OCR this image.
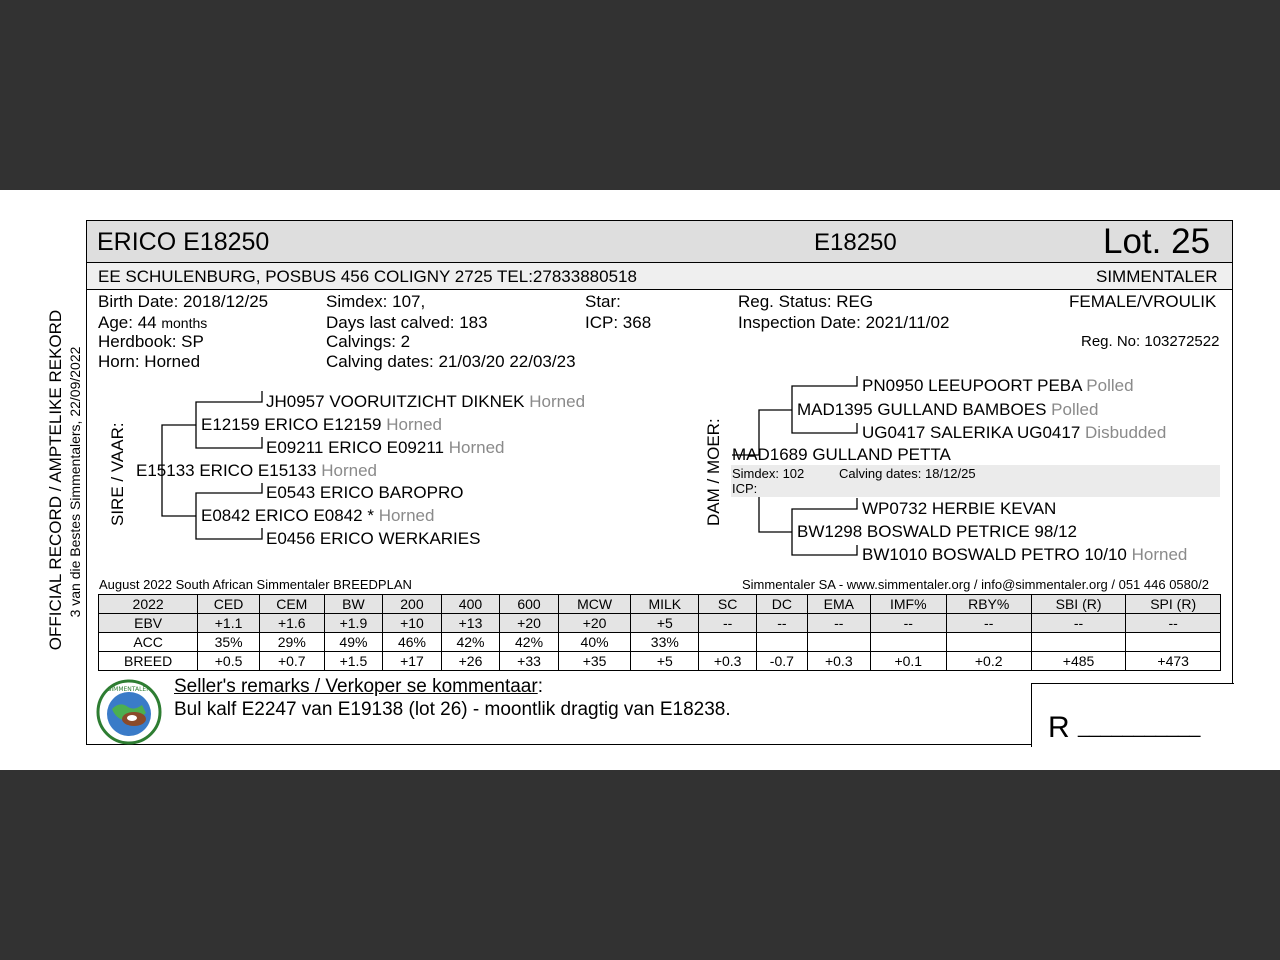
OFFICIAL RECORD / AMPTELIKE REKORD 3 van die Bestes Simmentalers, 22/09/2022
ERICO E18250	E18250	Lot. 25
EE SCHULENBURG, POSBUS 456 COLIGNY 2725 TEL:27833880518	SIMMENTALER
Birth Date: 2018/12/25
Age: 44 months
Herdbook: SP
Horn: Horned
Simdex: 107,
Days last calved: 183
Calvings: 2
Calving dates: 21/03/20 22/03/23
Star:
ICP: 368
Reg. Status: REG
Inspection Date: 2021/11/02
FEMALE/VROULIK
Reg. No: 103272522
SIRE / VAAR:
JH0957 VOORUITZICHT DIKNEK Horned
E12159 ERICO E12159 Horned
E09211 ERICO E09211 Horned
E15133 ERICO E15133 Horned
E0543 ERICO BAROPRO
E0842 ERICO E0842 * Horned
E0456 ERICO WERKARIES
DAM / MOER:
PN0950 LEEUPOORT PEBA Polled
MAD1395 GULLAND BAMBOES Polled
UG0417 SALERIKA UG0417 Disbudded
MAD1689 GULLAND PETTA
Simdex: 102	Calving dates: 18/12/25
ICP:
WP0732 HERBIE KEVAN
BW1298 BOSWALD PETRICE 98/12
BW1010 BOSWALD PETRO 10/10 Horned
August 2022 South African Simmentaler BREEDPLAN	Simmentaler SA - www.simmentaler.org / info@simmentaler.org / 051 446 0580/2
2022	CED	CEM	BW	200	400	600	MCW	MILK	SC	DC	EMA	IMF%	RBY%	SBI (R)	SPI (R)
EBV	+1.1	+1.6	+1.9	+10	+13	+20	+20	+5	--	--	--	--	--	--	--
ACC	35%	29%	49%	46%	42%	42%	40%	33%							
BREED	+0.5	+0.7	+1.5	+17	+26	+33	+35	+5	+0.3	-0.7	+0.3	+0.1	+0.2	+485	+473
SIMMENTALER Seller's remarks / Verkoper se kommentaar:
Bul kalf E2247 van E19138 (lot 26) - moontlik dragtig van E18238.
R ___________
